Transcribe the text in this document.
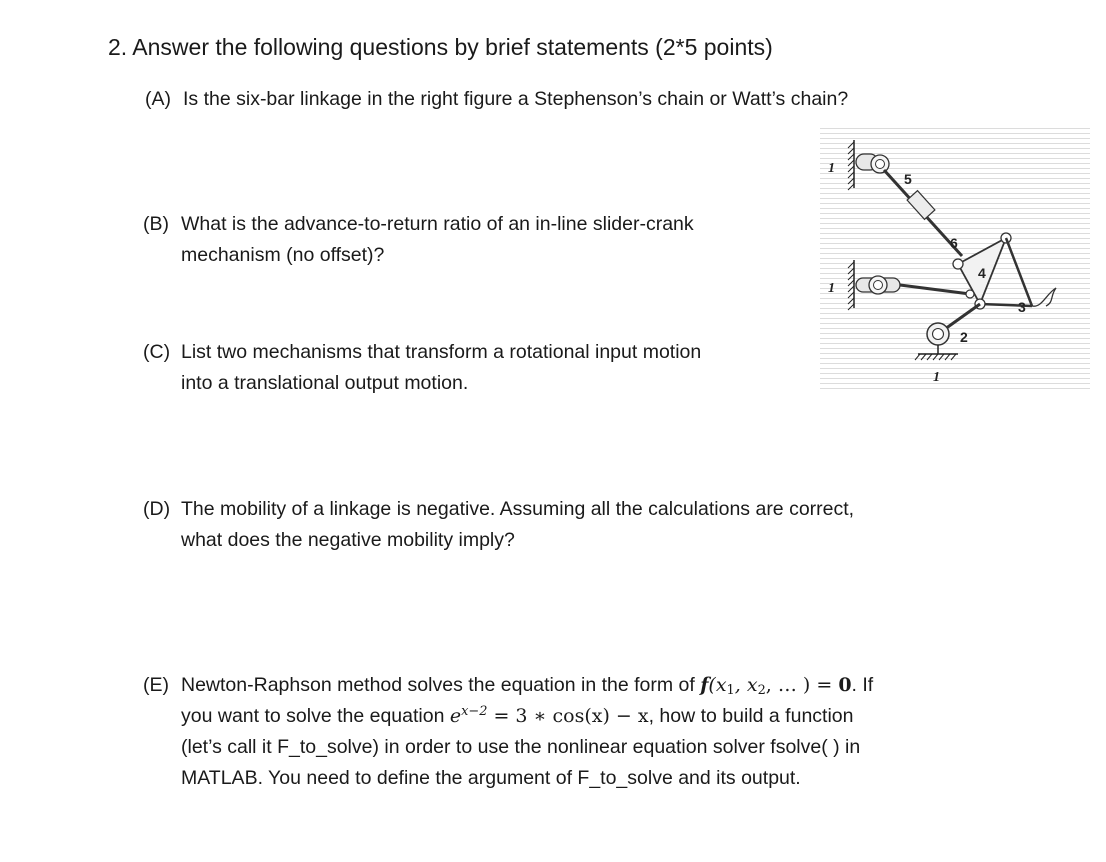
2. Answer the following questions by brief statements (2*5 points)
(A) Is the six-bar linkage in the right figure a Stephenson’s chain or Watt’s chain?
(B) What is the advance-to-return ratio of an in-line slider-crank
mechanism (no offset)?
(C) List two mechanisms that transform a rotational input motion
into a translational output motion.
(D) The mobility of a linkage is negative. Assuming all the calculations are correct,
what does the negative mobility imply?
(E) Newton-Raphson method solves the equation in the form of $f(x_1$, $x_2$, … ) = 0. If
you want to solve the equation $e^{x-2} = 3$ ∗ cos(x) − x, how to build a function
(let’s call it F_to_solve) in order to use the nonlinear equation solver fsolve( ) in
MATLAB. You need to define the argument of F_to_solve and its output.
1
5
1
6
4
3
2
1
